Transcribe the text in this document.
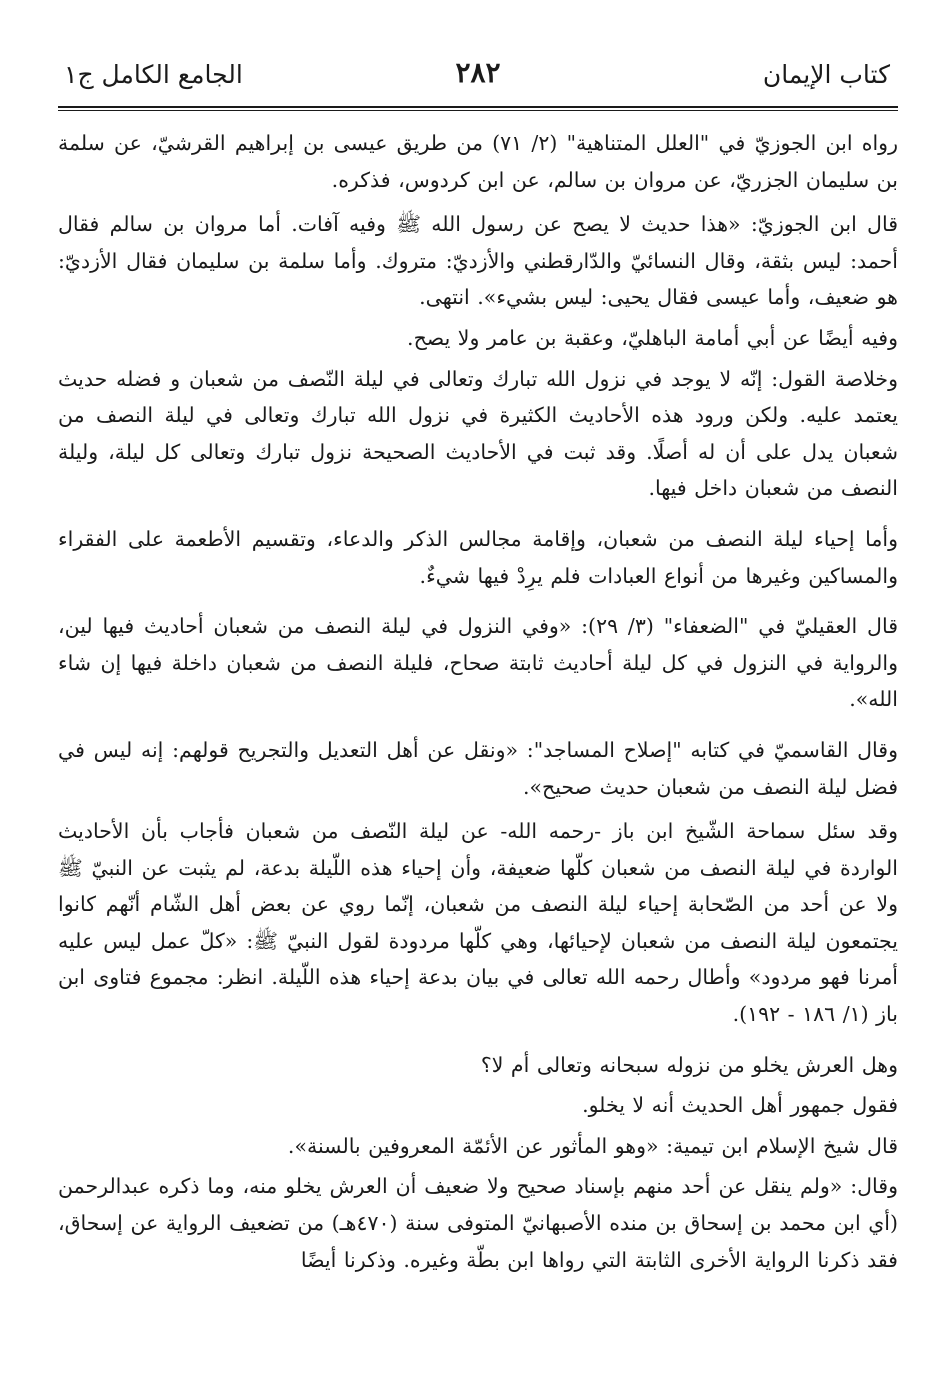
كتاب الإيمان
٢٨٢
الجامع الكامل ج١

رواه ابن الجوزيّ في "العلل المتناهية" (٢/ ٧١) من طريق عيسى بن إبراهيم القرشيّ، عن سلمة بن سليمان الجزريّ، عن مروان بن سالم، عن ابن كردوس، فذكره.

قال ابن الجوزيّ: «هذا حديث لا يصح عن رسول الله ﷺ وفيه آفات. أما مروان بن سالم فقال أحمد: ليس بثقة، وقال النسائيّ والدّارقطني والأزديّ: متروك. وأما سلمة بن سليمان فقال الأزديّ: هو ضعيف، وأما عيسى فقال يحيى: ليس بشيء». انتهى.

وفيه أيضًا عن أبي أمامة الباهليّ، وعقبة بن عامر ولا يصح.

وخلاصة القول: إنّه لا يوجد في نزول الله تبارك وتعالى في ليلة النّصف من شعبان و فضله حديث يعتمد عليه. ولكن ورود هذه الأحاديث الكثيرة في نزول الله تبارك وتعالى في ليلة النصف من شعبان يدل على أن له أصلًا. وقد ثبت في الأحاديث الصحيحة نزول تبارك وتعالى كل ليلة، وليلة النصف من شعبان داخل فيها.

وأما إحياء ليلة النصف من شعبان، وإقامة مجالس الذكر والدعاء، وتقسيم الأطعمة على الفقراء والمساكين وغيرها من أنواع العبادات فلم يرِدْ فيها شيءٌ.

قال العقيليّ في "الضعفاء" (٣/ ٢٩): «وفي النزول في ليلة النصف من شعبان أحاديث فيها لين، والرواية في النزول في كل ليلة أحاديث ثابتة صحاح، فليلة النصف من شعبان داخلة فيها إن شاء الله».

وقال القاسميّ في كتابه "إصلاح المساجد": «ونقل عن أهل التعديل والتجريح قولهم: إنه ليس في فضل ليلة النصف من شعبان حديث صحيح».

وقد سئل سماحة الشّيخ ابن باز -رحمه الله- عن ليلة النّصف من شعبان فأجاب بأن الأحاديث الواردة في ليلة النصف من شعبان كلّها ضعيفة، وأن إحياء هذه اللّيلة بدعة، لم يثبت عن النبيّ ﷺ ولا عن أحد من الصّحابة إحياء ليلة النصف من شعبان، إنّما روي عن بعض أهل الشّام أنّهم كانوا يجتمعون ليلة النصف من شعبان لإحيائها، وهي كلّها مردودة لقول النبيّ ﷺ: «كلّ عمل ليس عليه أمرنا فهو مردود» وأطال رحمه الله تعالى في بيان بدعة إحياء هذه اللّيلة. انظر: مجموع فتاوى ابن باز (١/ ١٨٦ - ١٩٢).

وهل العرش يخلو من نزوله سبحانه وتعالى أم لا؟

فقول جمهور أهل الحديث أنه لا يخلو.

قال شيخ الإسلام ابن تيمية: «وهو المأثور عن الأئمّة المعروفين بالسنة».

وقال: «ولم ينقل عن أحد منهم بإسناد صحيح ولا ضعيف أن العرش يخلو منه، وما ذكره عبدالرحمن (أي ابن محمد بن إسحاق بن منده الأصبهانيّ المتوفى سنة (٤٧٠هـ) من تضعيف الرواية عن إسحاق، فقد ذكرنا الرواية الأخرى الثابتة التي رواها ابن بطّة وغيره. وذكرنا أيضًا
